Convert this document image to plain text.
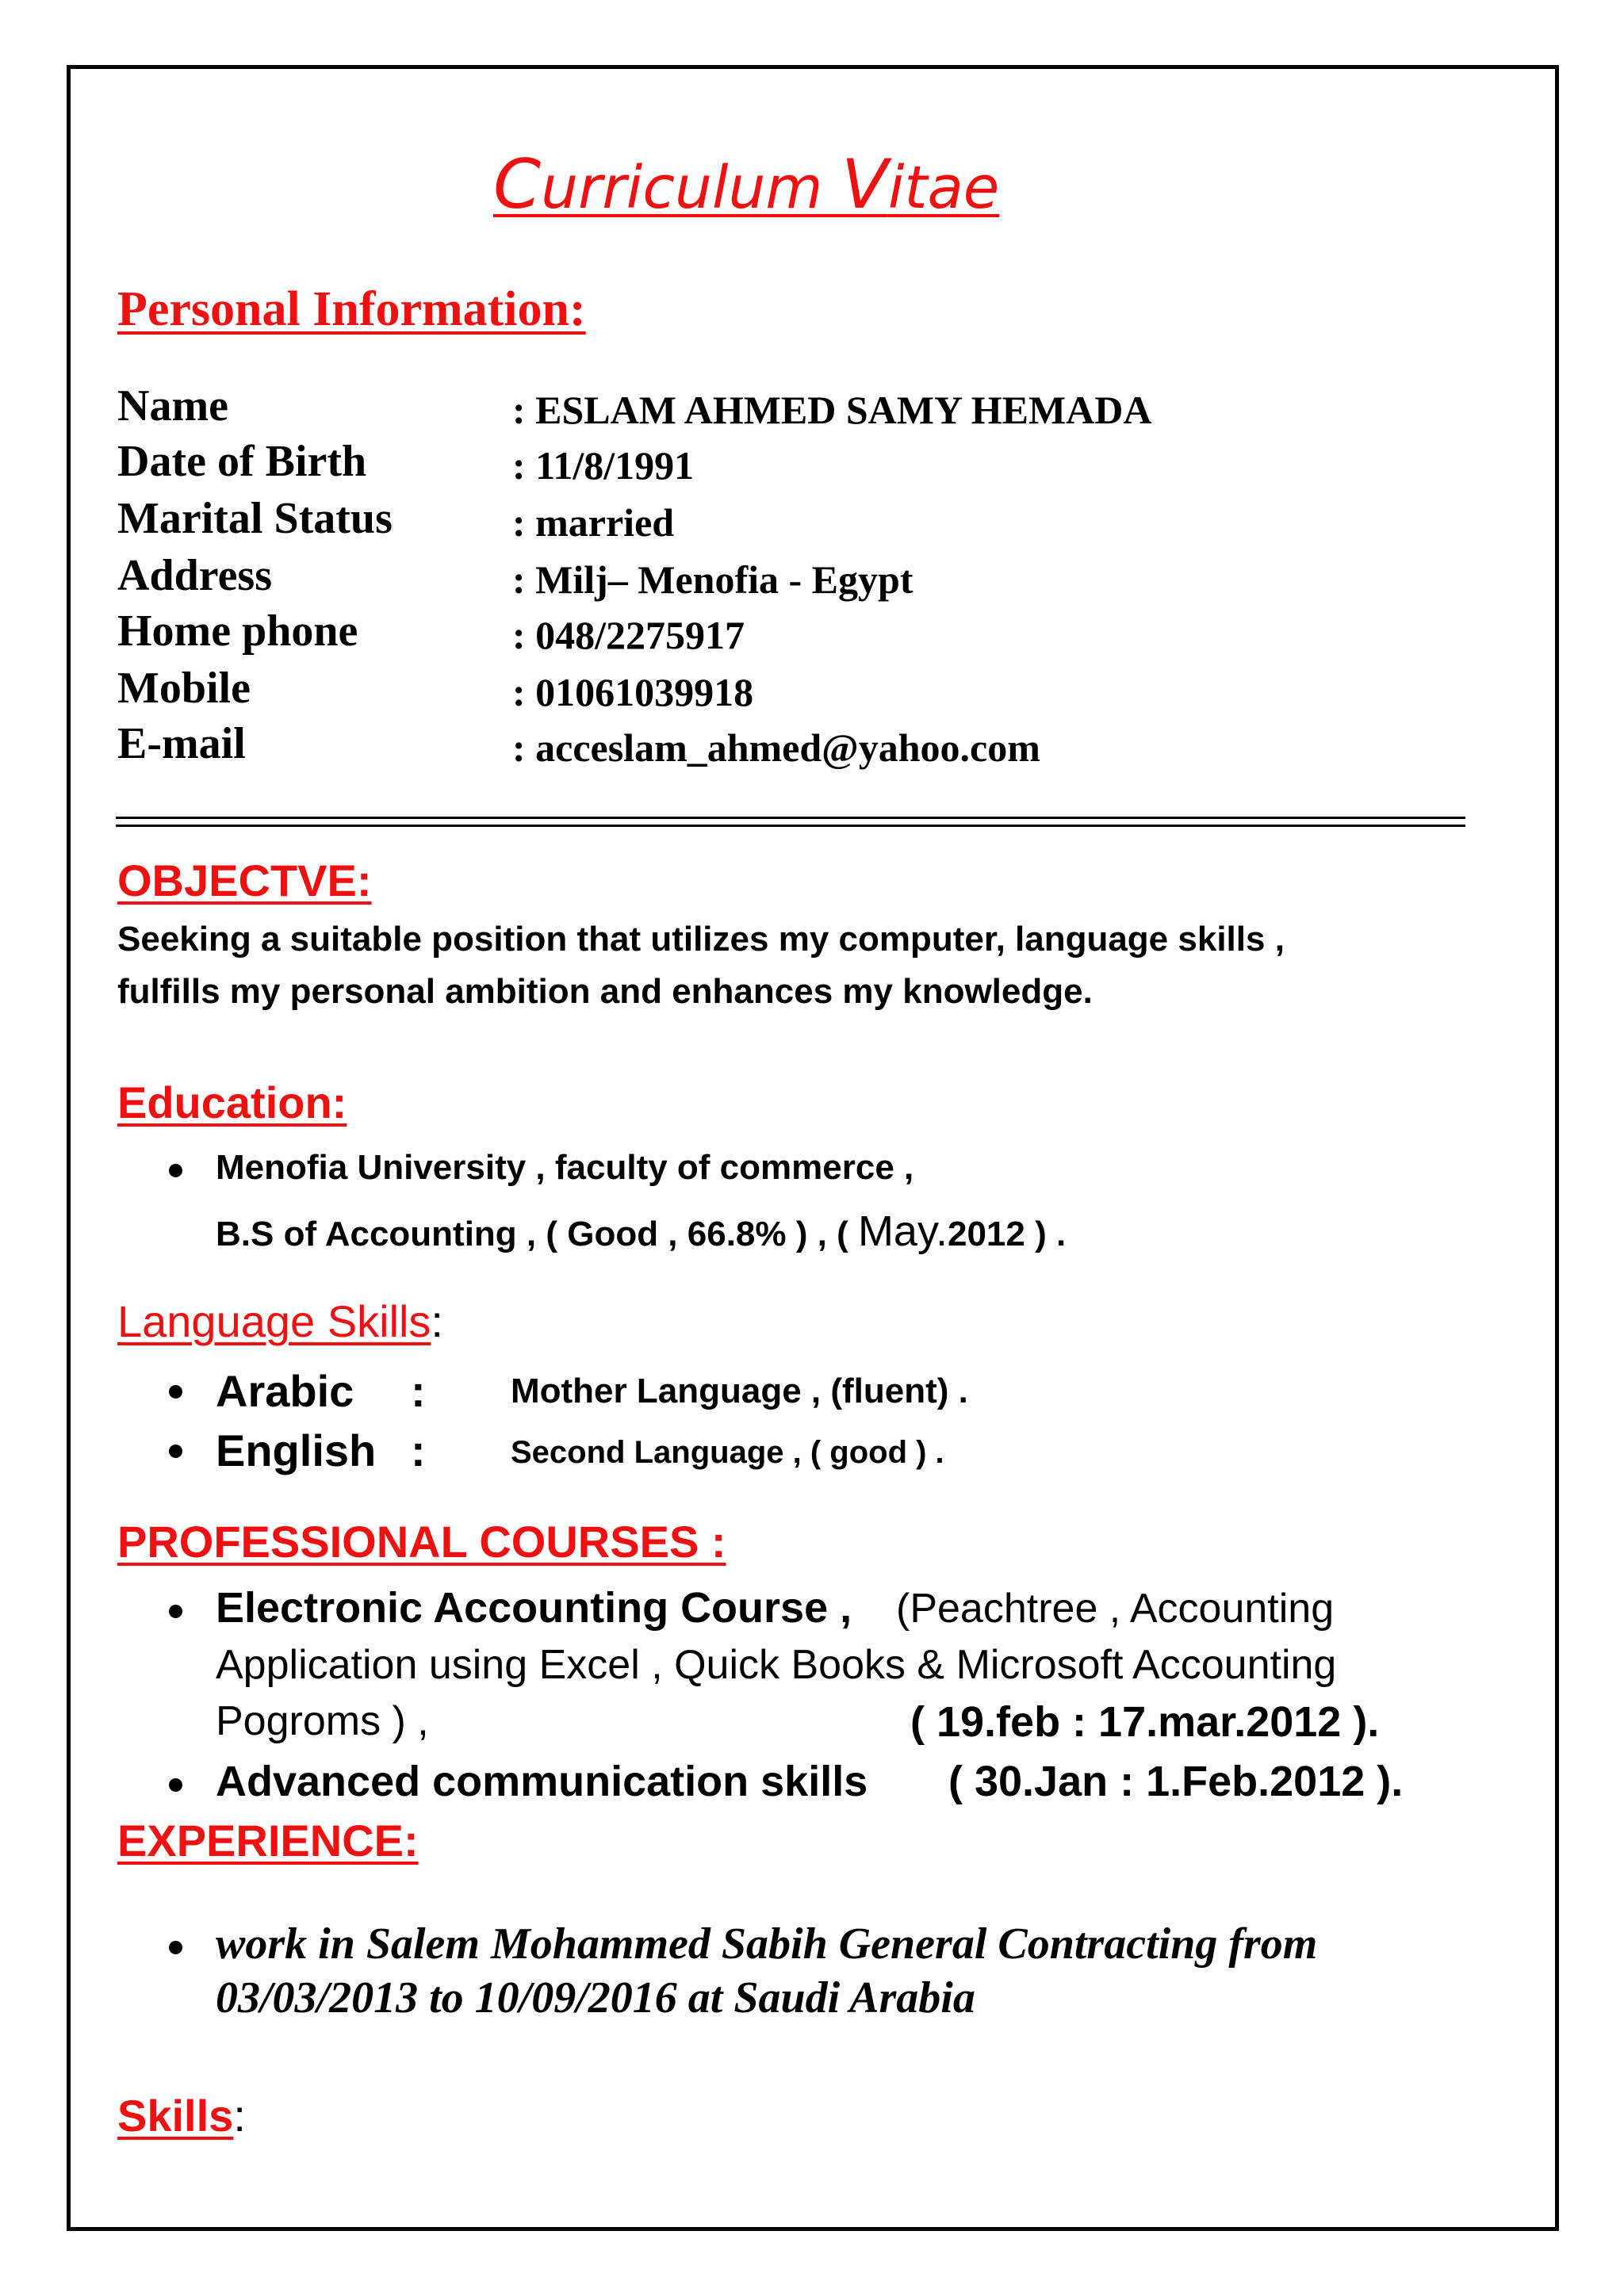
Curriculum Vitae
Personal Information:
Name	: ESLAM AHMED SAMY HEMADA
Date of Birth	: 11/8/1991
Marital Status	: married
Address	: Milj– Menofia - Egypt
Home phone	: 048/2275917
Mobile	: 01061039918
E-mail	: acceslam_ahmed@yahoo.com
OBJECTVE:
Seeking a suitable position that utilizes my computer, language skills ,
fulfills my personal ambition and enhances my knowledge.
Education:
Menofia University , faculty of commerce ,
B.S of Accounting , ( Good , 66.8% ) , ( May.2012 ) .
Language Skills:
Arabic : Mother Language , (fluent) .
English :	Second Language , ( good ) .
PROFESSIONAL COURSES :
Electronic Accounting Course , (Peachtree , Accounting
Application using Excel , Quick Books & Microsoft Accounting
Pogroms ) ,	( 19.feb : 17.mar.2012 ).
Advanced communication skills ( 30.Jan : 1.Feb.2012 ).
EXPERIENCE:
work in Salem Mohammed Sabih General Contracting from
03/03/2013 to 10/09/2016 at Saudi Arabia
Skills:
